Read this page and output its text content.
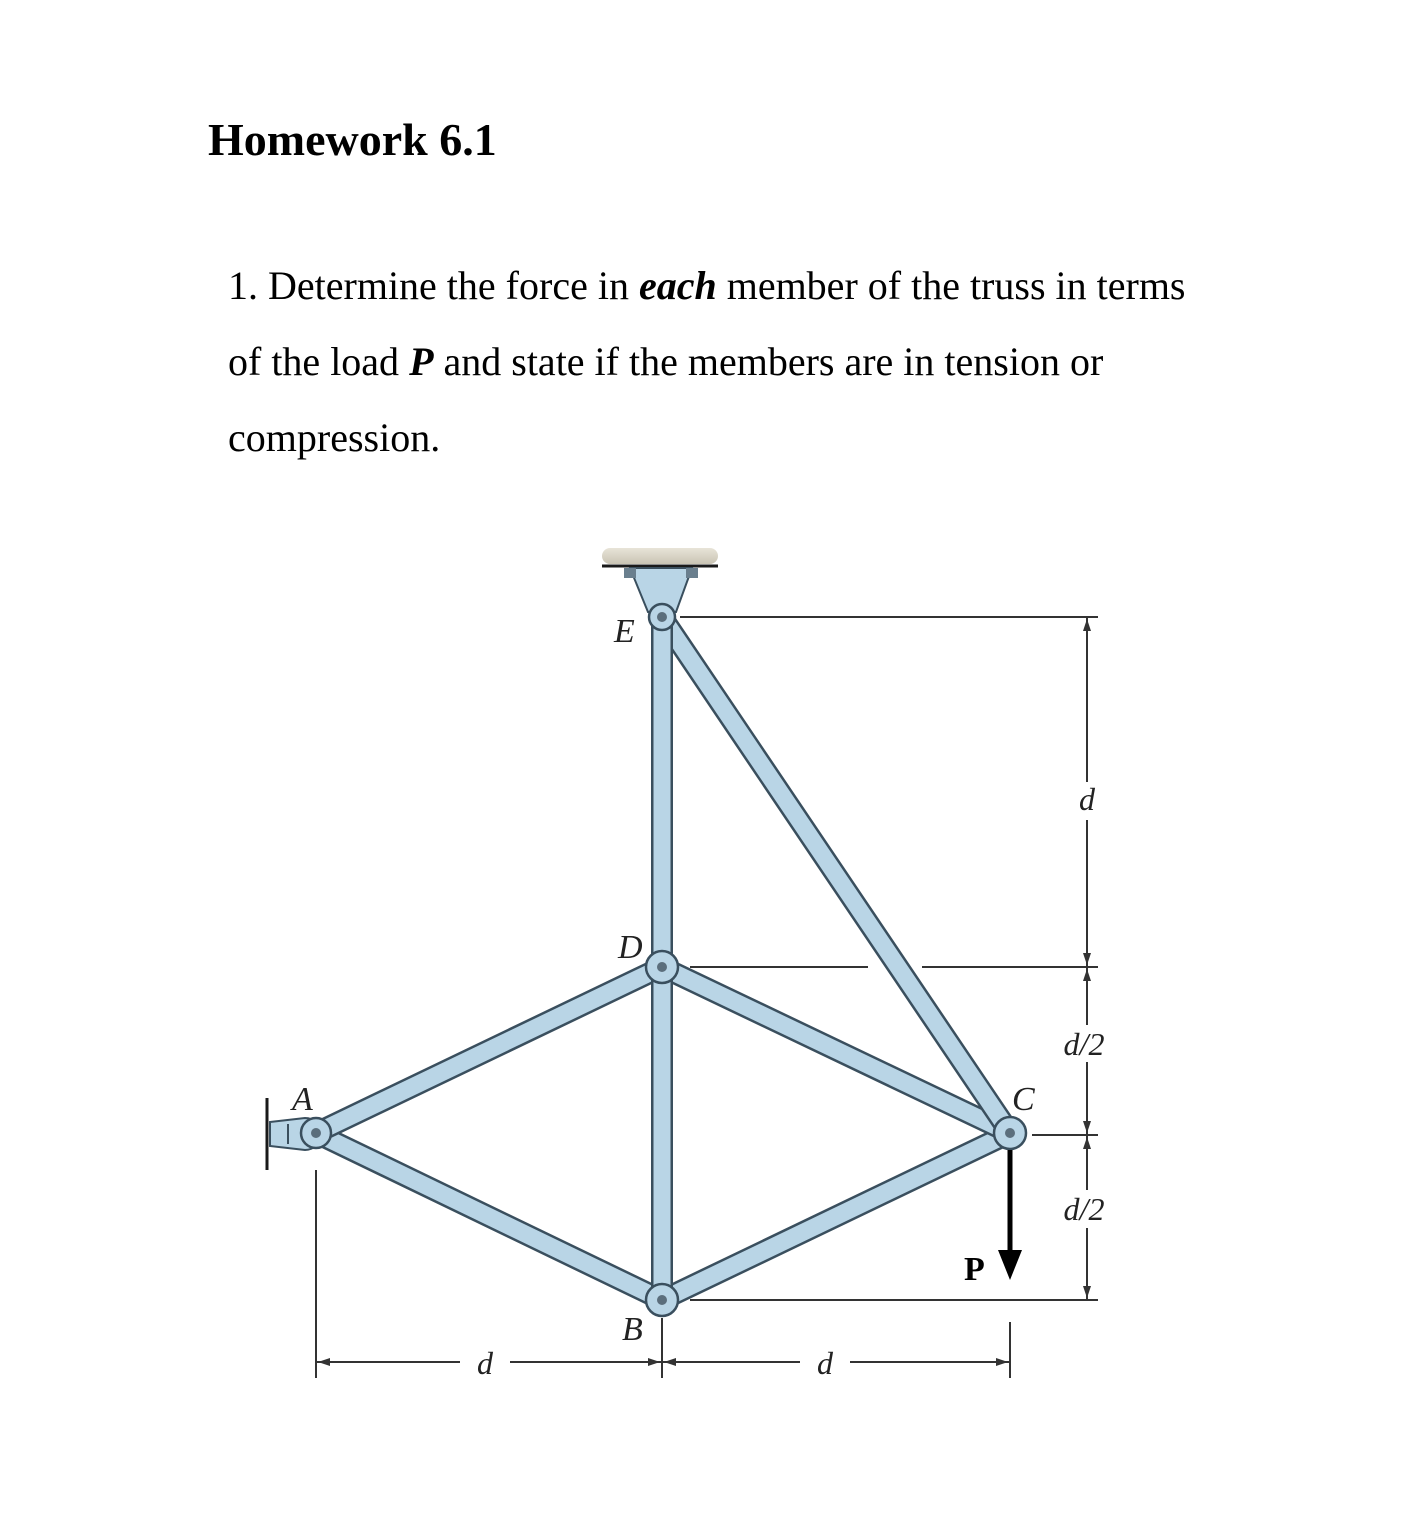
Homework 6.1

1. Determine the force in each member of the truss in terms of the load P and state if the members are in tension or compression.

E
D
A	C
B
P
d
d/2
d/2
d	d
